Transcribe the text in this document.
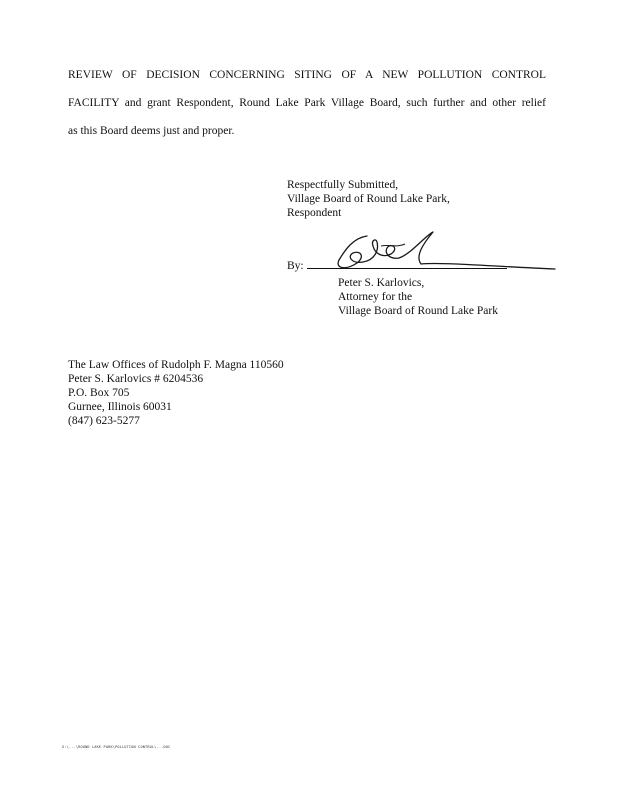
REVIEW OF DECISION CONCERNING SITING OF A NEW POLLUTION CONTROL
FACILITY and grant Respondent, Round Lake Park Village Board, such further and other relief
as this Board deems just and proper.
Respectfully Submitted,
Village Board of Round Lake Park,
Respondent
By:
Peter S. Karlovics,
Attorney for the
Village Board of Round Lake Park
The Law Offices of Rudolph F. Magna 110560
Peter S. Karlovics # 6204536
P.O. Box 705
Gurnee, Illinois 60031
(847) 623-5277
G:\...\ROUND LAKE PARK\POLLUTION CONTROL\...DOC
